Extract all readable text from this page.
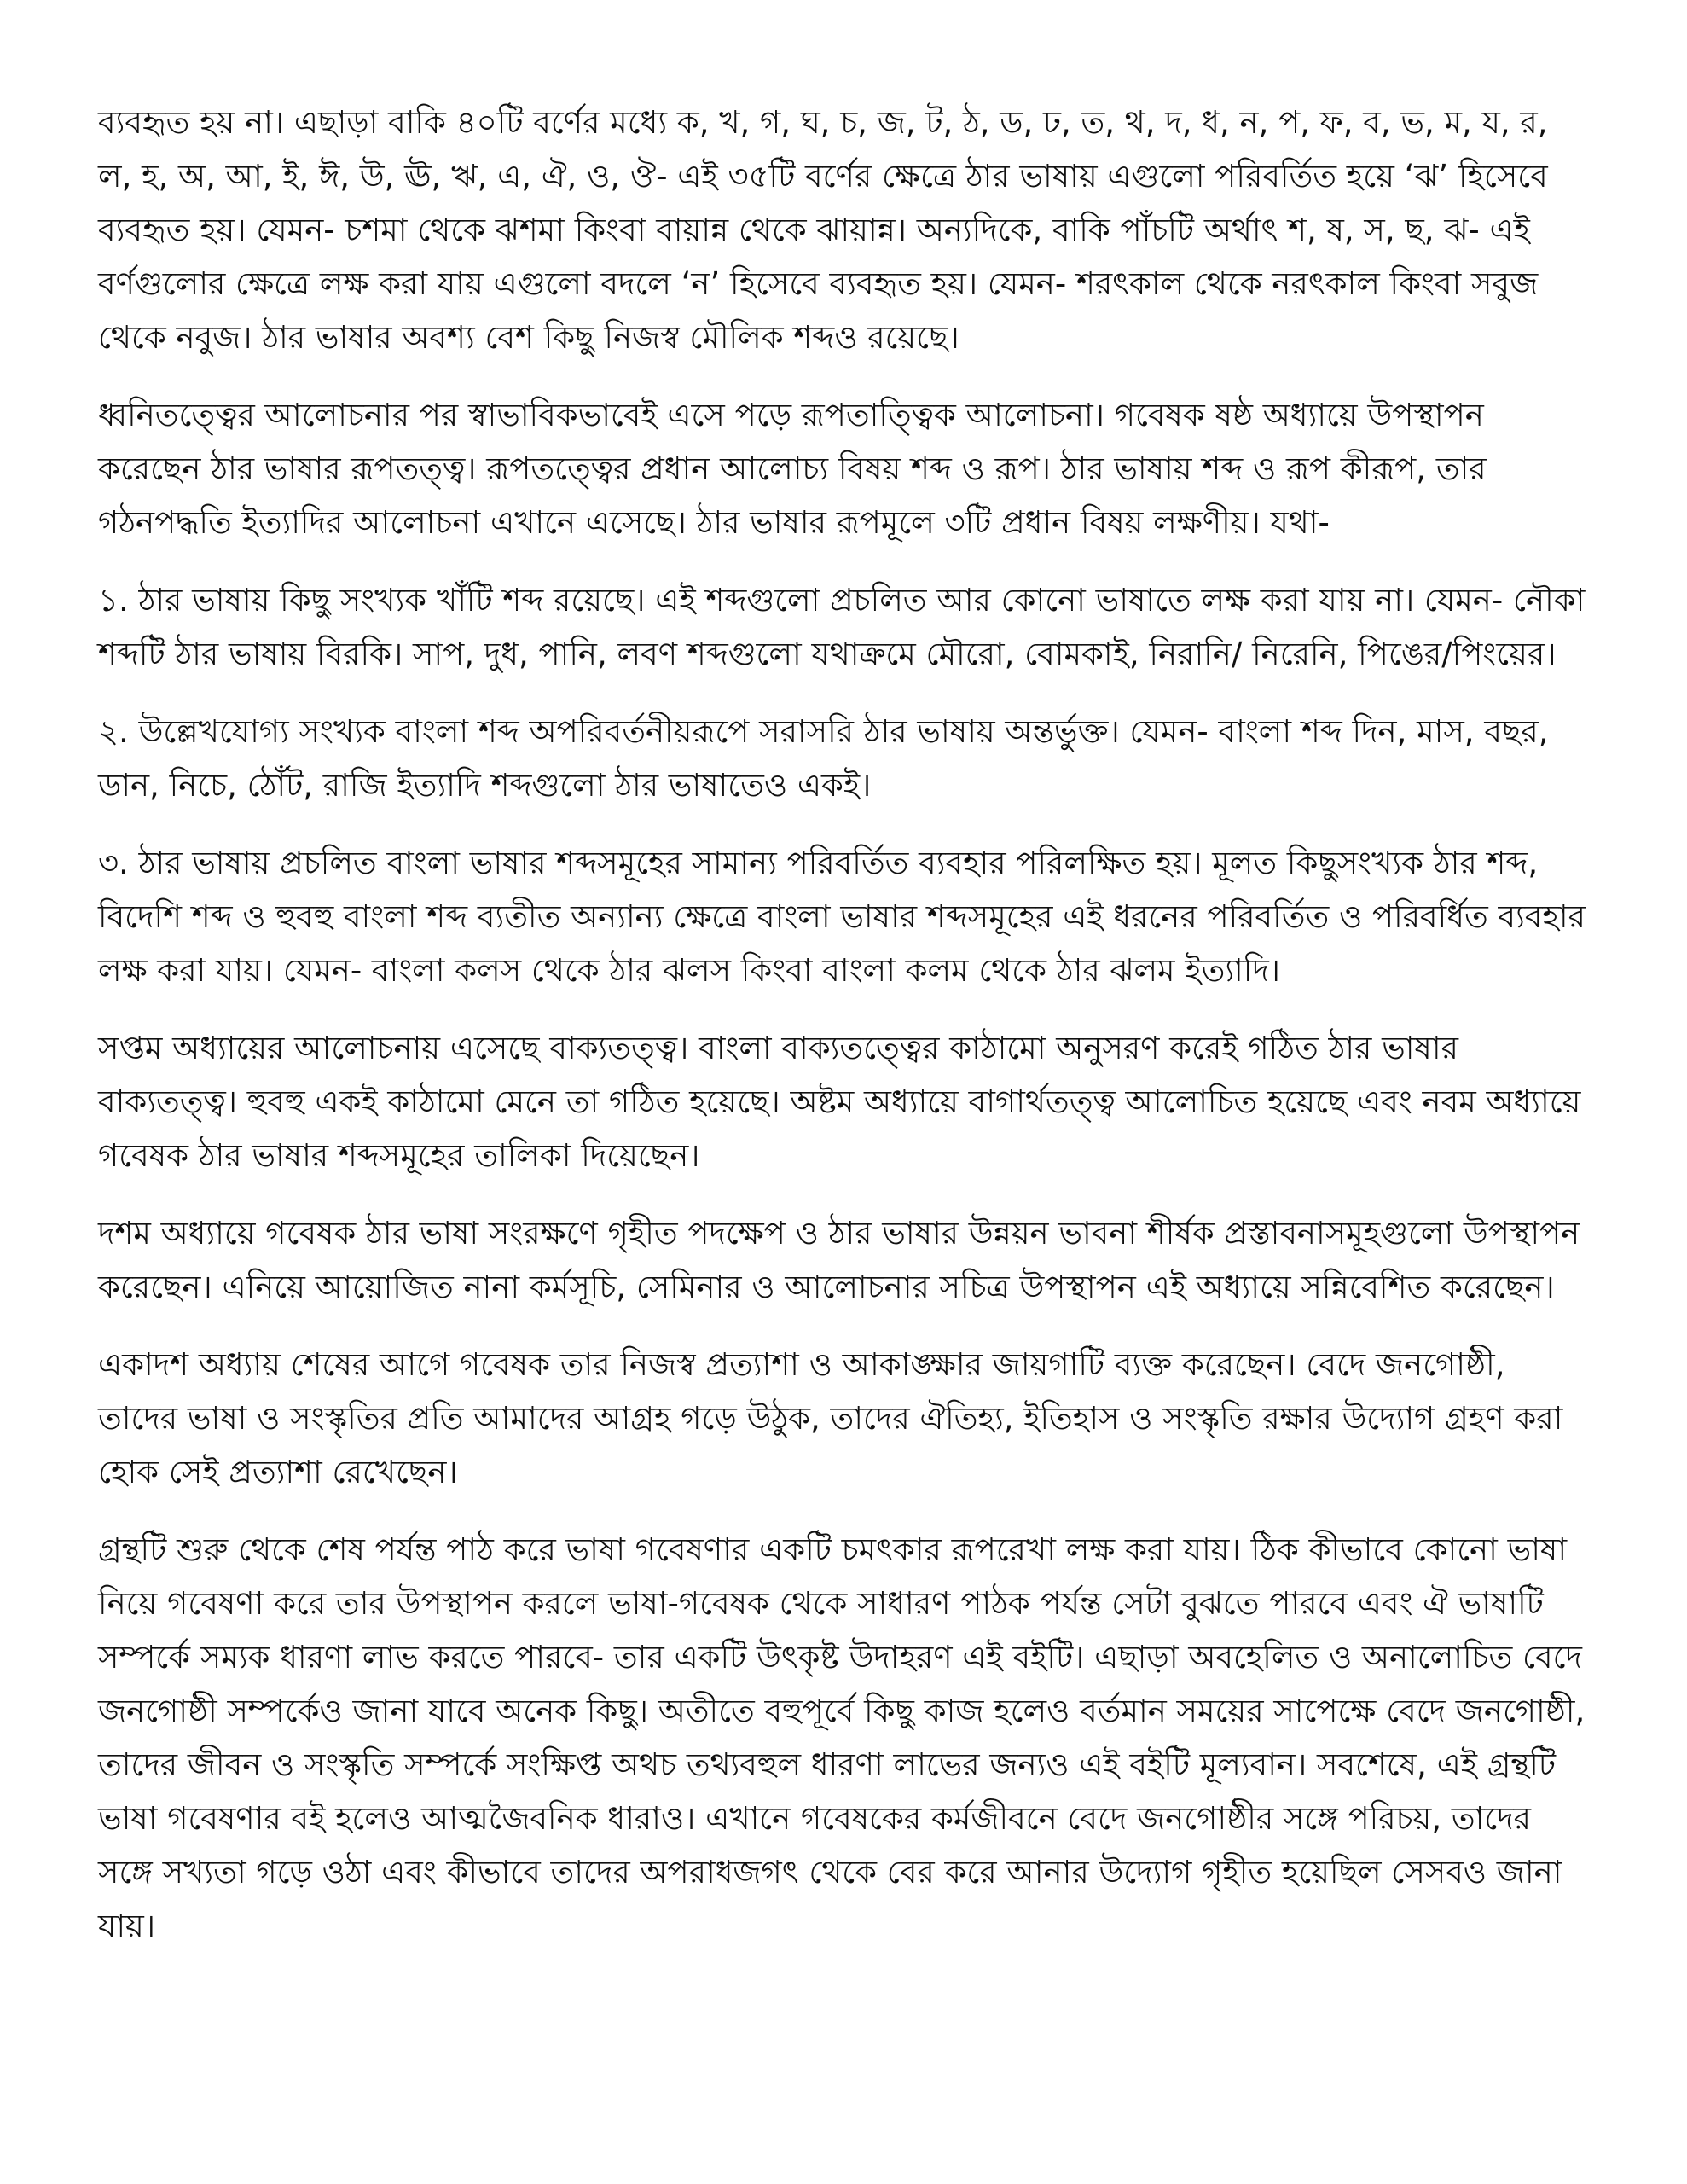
ব্যবহৃত হয় না। এছাড়া বাকি ৪০টি বর্ণের মধ্যে ক, খ, গ, ঘ, চ, জ, ট, ঠ, ড, ঢ, ত, থ, দ, ধ, ন, প, ফ, ব, ভ, ম, য, র, ল, হ, অ, আ, ই, ঈ, উ, ঊ, ঋ, এ, ঐ, ও, ঔ- এই ৩৫টি বর্ণের ক্ষেত্রে ঠার ভাষায় এগুলো পরিবর্তিত হয়ে ‘ঝ’ হিসেবে ব্যবহৃত হয়। যেমন- চশমা থেকে ঝশমা কিংবা বায়ান্ন থেকে ঝায়ান্ন। অন্যদিকে, বাকি পাঁচটি অর্থাৎ শ, ষ, স, ছ, ঝ- এই বর্ণগুলোর ক্ষেত্রে লক্ষ করা যায় এগুলো বদলে ‘ন’ হিসেবে ব্যবহৃত হয়। যেমন- শরৎকাল থেকে নরৎকাল কিংবা সবুজ থেকে নবুজ। ঠার ভাষার অবশ্য বেশ কিছু নিজস্ব মৌলিক শব্দও রয়েছে।

ধ্বনিতত্ত্বের আলোচনার পর স্বাভাবিকভাবেই এসে পড়ে রূপতাত্ত্বিক আলোচনা। গবেষক ষষ্ঠ অধ্যায়ে উপস্থাপন করেছেন ঠার ভাষার রূপতত্ত্ব। রূপতত্ত্বের প্রধান আলোচ্য বিষয় শব্দ ও রূপ। ঠার ভাষায় শব্দ ও রূপ কীরূপ, তার গঠনপদ্ধতি ইত্যাদির আলোচনা এখানে এসেছে। ঠার ভাষার রূপমূলে ৩টি প্রধান বিষয় লক্ষণীয়। যথা-

১. ঠার ভাষায় কিছু সংখ্যক খাঁটি শব্দ রয়েছে। এই শব্দগুলো প্রচলিত আর কোনো ভাষাতে লক্ষ করা যায় না। যেমন- নৌকা শব্দটি ঠার ভাষায় বিরকি। সাপ, দুধ, পানি, লবণ শব্দগুলো যথাক্রমে মৌরো, বোমকাই, নিরানি/ নিরেনি, পিঙের/পিংয়ের।

২. উল্লেখযোগ্য সংখ্যক বাংলা শব্দ অপরিবর্তনীয়রূপে সরাসরি ঠার ভাষায় অন্তর্ভুক্ত। যেমন- বাংলা শব্দ দিন, মাস, বছর, ডান, নিচে, ঠোঁট, রাজি ইত্যাদি শব্দগুলো ঠার ভাষাতেও একই।

৩. ঠার ভাষায় প্রচলিত বাংলা ভাষার শব্দসমূহের সামান্য পরিবর্তিত ব্যবহার পরিলক্ষিত হয়। মূলত কিছুসংখ্যক ঠার শব্দ, বিদেশি শব্দ ও হুবহু বাংলা শব্দ ব্যতীত অন্যান্য ক্ষেত্রে বাংলা ভাষার শব্দসমূহের এই ধরনের পরিবর্তিত ও পরিবর্ধিত ব্যবহার লক্ষ করা যায়। যেমন- বাংলা কলস থেকে ঠার ঝলস কিংবা বাংলা কলম থেকে ঠার ঝলম ইত্যাদি।

সপ্তম অধ্যায়ের আলোচনায় এসেছে বাক্যতত্ত্ব। বাংলা বাক্যতত্ত্বের কাঠামো অনুসরণ করেই গঠিত ঠার ভাষার বাক্যতত্ত্ব। হুবহু একই কাঠামো মেনে তা গঠিত হয়েছে। অষ্টম অধ্যায়ে বাগার্থতত্ত্ব আলোচিত হয়েছে এবং নবম অধ্যায়ে গবেষক ঠার ভাষার শব্দসমূহের তালিকা দিয়েছেন।

দশম অধ্যায়ে গবেষক ঠার ভাষা সংরক্ষণে গৃহীত পদক্ষেপ ও ঠার ভাষার উন্নয়ন ভাবনা শীর্ষক প্রস্তাবনাসমূহগুলো উপস্থাপন করেছেন। এনিয়ে আয়োজিত নানা কর্মসূচি, সেমিনার ও আলোচনার সচিত্র উপস্থাপন এই অধ্যায়ে সন্নিবেশিত করেছেন।

একাদশ অধ্যায় শেষের আগে গবেষক তার নিজস্ব প্রত্যাশা ও আকাঙ্ক্ষার জায়গাটি ব্যক্ত করেছেন। বেদে জনগোষ্ঠী, তাদের ভাষা ও সংস্কৃতির প্রতি আমাদের আগ্রহ গড়ে উঠুক, তাদের ঐতিহ্য, ইতিহাস ও সংস্কৃতি রক্ষার উদ্যোগ গ্রহণ করা হোক সেই প্রত্যাশা রেখেছেন।

গ্রন্থটি শুরু থেকে শেষ পর্যন্ত পাঠ করে ভাষা গবেষণার একটি চমৎকার রূপরেখা লক্ষ করা যায়। ঠিক কীভাবে কোনো ভাষা নিয়ে গবেষণা করে তার উপস্থাপন করলে ভাষা-গবেষক থেকে সাধারণ পাঠক পর্যন্ত সেটা বুঝতে পারবে এবং ঐ ভাষাটি সম্পর্কে সম্যক ধারণা লাভ করতে পারবে- তার একটি উৎকৃষ্ট উদাহরণ এই বইটি। এছাড়া অবহেলিত ও অনালোচিত বেদে জনগোষ্ঠী সম্পর্কেও জানা যাবে অনেক কিছু। অতীতে বহুপূর্বে কিছু কাজ হলেও বর্তমান সময়ের সাপেক্ষে বেদে জনগোষ্ঠী, তাদের জীবন ও সংস্কৃতি সম্পর্কে সংক্ষিপ্ত অথচ তথ্যবহুল ধারণা লাভের জন্যও এই বইটি মূল্যবান। সবশেষে, এই গ্রন্থটি ভাষা গবেষণার বই হলেও আত্মজৈবনিক ধারাও। এখানে গবেষকের কর্মজীবনে বেদে জনগোষ্ঠীর সঙ্গে পরিচয়, তাদের সঙ্গে সখ্যতা গড়ে ওঠা এবং কীভাবে তাদের অপরাধজগৎ থেকে বের করে আনার উদ্যোগ গৃহীত হয়েছিল সেসবও জানা যায়।
